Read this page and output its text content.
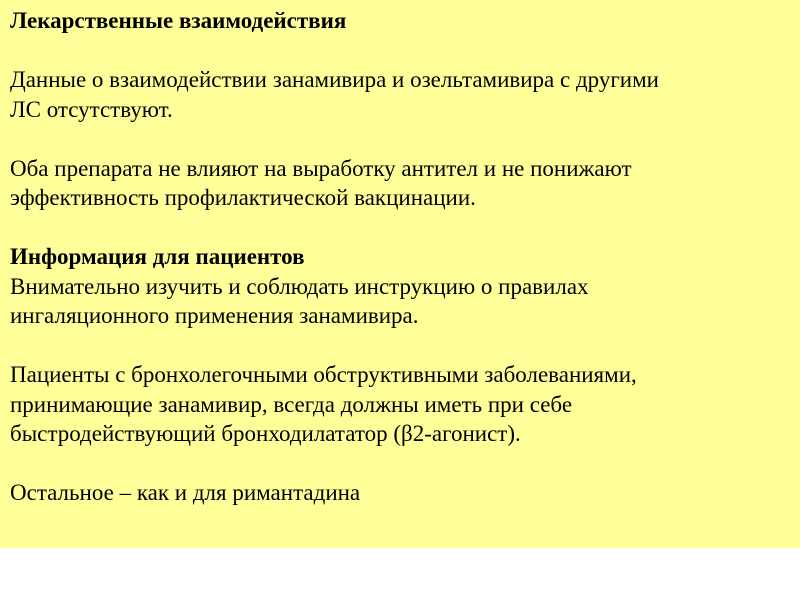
Лекарственные взаимодействия
Данные о взаимодействии занамивира и озельтамивира с другими
ЛС отсутствуют.
Оба препарата не влияют на выработку антител и не понижают
эффективность профилактической вакцинации.
Информация для пациентов
Внимательно изучить и соблюдать инструкцию о правилах
ингаляционного применения занамивира.
Пациенты с бронхолегочными обструктивными заболеваниями,
принимающие занамивир, всегда должны иметь при себе
быстродействующий бронходилататор (β2-агонист).
Остальное – как и для римантадина
